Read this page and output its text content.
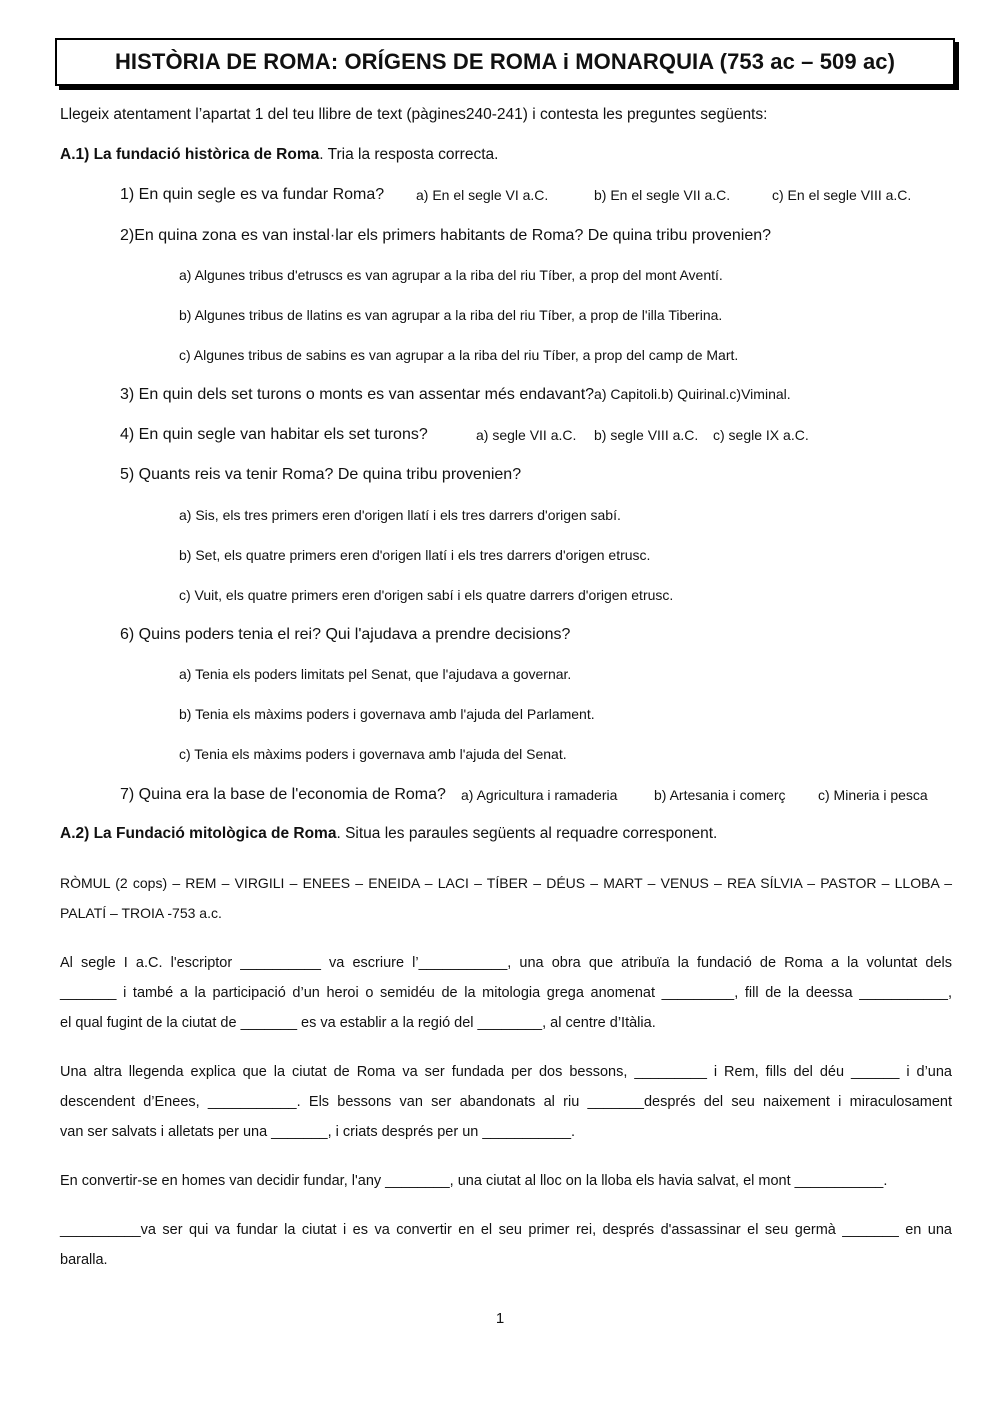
HISTÒRIA DE ROMA: ORÍGENS DE ROMA i MONARQUIA (753 ac – 509 ac)
Llegeix atentament l’apartat 1 del teu llibre de text (pàgines240-241) i contesta les preguntes següents:
A.1) La fundació històrica de Roma. Tria la resposta correcta.
1) En quin segle es va fundar Roma? a) En el segle VI a.C.	b) En el segle VII a.C.	c) En el segle VIII a.C.
2)En quina zona es van instal·lar els primers habitants de Roma? De quina tribu provenien?
a) Algunes tribus d'etruscs es van agrupar a la riba del riu Tíber, a prop del mont Aventí.
b) Algunes tribus de llatins es van agrupar a la riba del riu Tíber, a prop de l'illa Tiberina.
c) Algunes tribus de sabins es van agrupar a la riba del riu Tíber, a prop del camp de Mart.
3) En quin dels set turons o monts es van assentar més endavant?a) Capitoli.b) Quirinal.c)Viminal.
4) En quin segle van habitar els set turons?	a) segle VII a.C. b) segle VIII a.C. c) segle IX a.C.
5) Quants reis va tenir Roma? De quina tribu provenien?
a) Sis, els tres primers eren d'origen llatí i els tres darrers d'origen sabí.
b) Set, els quatre primers eren d'origen llatí i els tres darrers d'origen etrusc.
c) Vuit, els quatre primers eren d'origen sabí i els quatre darrers d'origen etrusc.
6) Quins poders tenia el rei? Qui l'ajudava a prendre decisions?
a) Tenia els poders limitats pel Senat, que l'ajudava a governar.
b) Tenia els màxims poders i governava amb l'ajuda del Parlament.
c) Tenia els màxims poders i governava amb l'ajuda del Senat.
7) Quina era la base de l'economia de Roma? a) Agricultura i ramaderia	b) Artesania i comerç c) Mineria i pesca
A.2) La Fundació mitològica de Roma. Situa les paraules següents al requadre corresponent.
RÒMUL (2 cops) – REM – VIRGILI – ENEES – ENEIDA – LACI – TÍBER – DÉUS – MART – VENUS – REA SÍLVIA – PASTOR – LLOBA – PALATÍ – TROIA -753 a.c.
Al segle I a.C. l'escriptor __________ va escriure l’___________, una obra que atribuïa la fundació de Roma a la voluntat dels
_______ i també a la participació d’un heroi o semidéu de la mitologia grega anomenat _________, fill de la deessa ___________,
el qual fugint de la ciutat de _______ es va establir a la regió del ________, al centre d’Itàlia.
Una altra llegenda explica que la ciutat de Roma va ser fundada per dos bessons, _________ i Rem, fills del déu ______ i d’una
descendent d’Enees, ___________. Els bessons van ser abandonats al riu _______després del seu naixement i miraculosament
van ser salvats i alletats per una _______, i criats després per un ___________.
En convertir-se en homes van decidir fundar, l'any ________, una ciutat al lloc on la lloba els havia salvat, el mont ___________.
__________va ser qui va fundar la ciutat i es va convertir en el seu primer rei, després d'assassinar el seu germà _______ en una
baralla.
1
